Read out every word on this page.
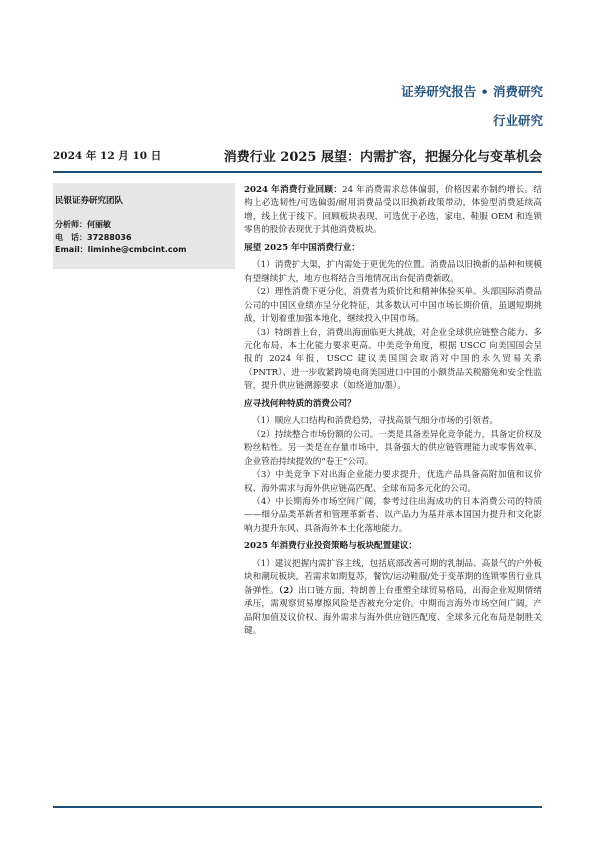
证券研究报告 • 消费研究
行业研究
2024 年 12 月 10 日	消费行业 2025 展望：内需扩容，把握分化与变革机会
民银证券研究团队
分析师：何丽敏
电　话：37288036
Email：liminhe@cmbcint.com

2024 年消费行业回顾：24 年消费需求总体偏弱，价格因素亦制约增长。结构上必选韧性/可选偏弱/耐用消费品受以旧换新政策带动，体验型消费延续高增，线上优于线下。回顾板块表现，可选优于必选，家电、鞋服 OEM 和连锁零售的股价表现优于其他消费板块。

展望 2025 年中国消费行业：

（1）消费扩大渠，扩内需处于更优先的位置。消费品以旧换新的品种和规模有望继续扩大，地方也将结合当地情况出台促消费新政。

（2）理性消费下更分化，消费者为质价比和精神体验买单。头部国际消费品公司的中国区业绩亦呈分化特征，其多数认可中国市场长期价值，虽遇短期挑战，计划着重加强本地化，继续投入中国市场。

（3）特朗普上台，消费出海面临更大挑战，对企业全球供应链整合能力、多元化布局、本土化能力要求更高。中美竞争角度，根据 USCC 向美国国会呈报的 2024 年报，USCC 建议美国国会取消对中国的永久贸易关系（PNTR）、进一步收紧跨境电商美国进口中国的小额货品关税豁免和安全性监管，提升供应链溯源要求（如绕道加/墨）。

应寻找何种特质的消费公司？

（1）顺应人口结构和消费趋势，寻找高景气细分市场的引领者。

（2）持续整合市场份额的公司。一类是具备差异化竞争能力，具备定价权及粉丝粘性。另一类是在存量市场中，具备强大的供应链管理能力或零售效率、企业管治持续提效的“卷王”公司。

（3）中美竞争下对出海企业能力要求提升，优选产品具备高附加值和议价权、海外需求与海外供应链高匹配、全球布局多元化的公司。

（4）中长期海外市场空间广阔，参考过往出海成功的日本消费公司的特质——细分品类革新者和管理革新者、以产品力为基并承本国国力提升和文化影响力提升东风、具备海外本土化落地能力。

2025 年消费行业投资策略与板块配置建议：

（1）建议把握内需扩容主线，包括底部改善可期的乳制品、高景气的户外板块和潮玩板块，若需求如期复苏，餐饮/运动鞋服/处于变革期的连锁零售行业具备弹性。（2）出口链方面，特朗普上台重塑全球贸易格局，出海企业短期情绪承压，需观察贸易摩擦风险是否被充分定价。中期而言海外市场空间广阔，产品附加值及议价权、海外需求与海外供应链匹配度、全球多元化布局是制胜关键。
